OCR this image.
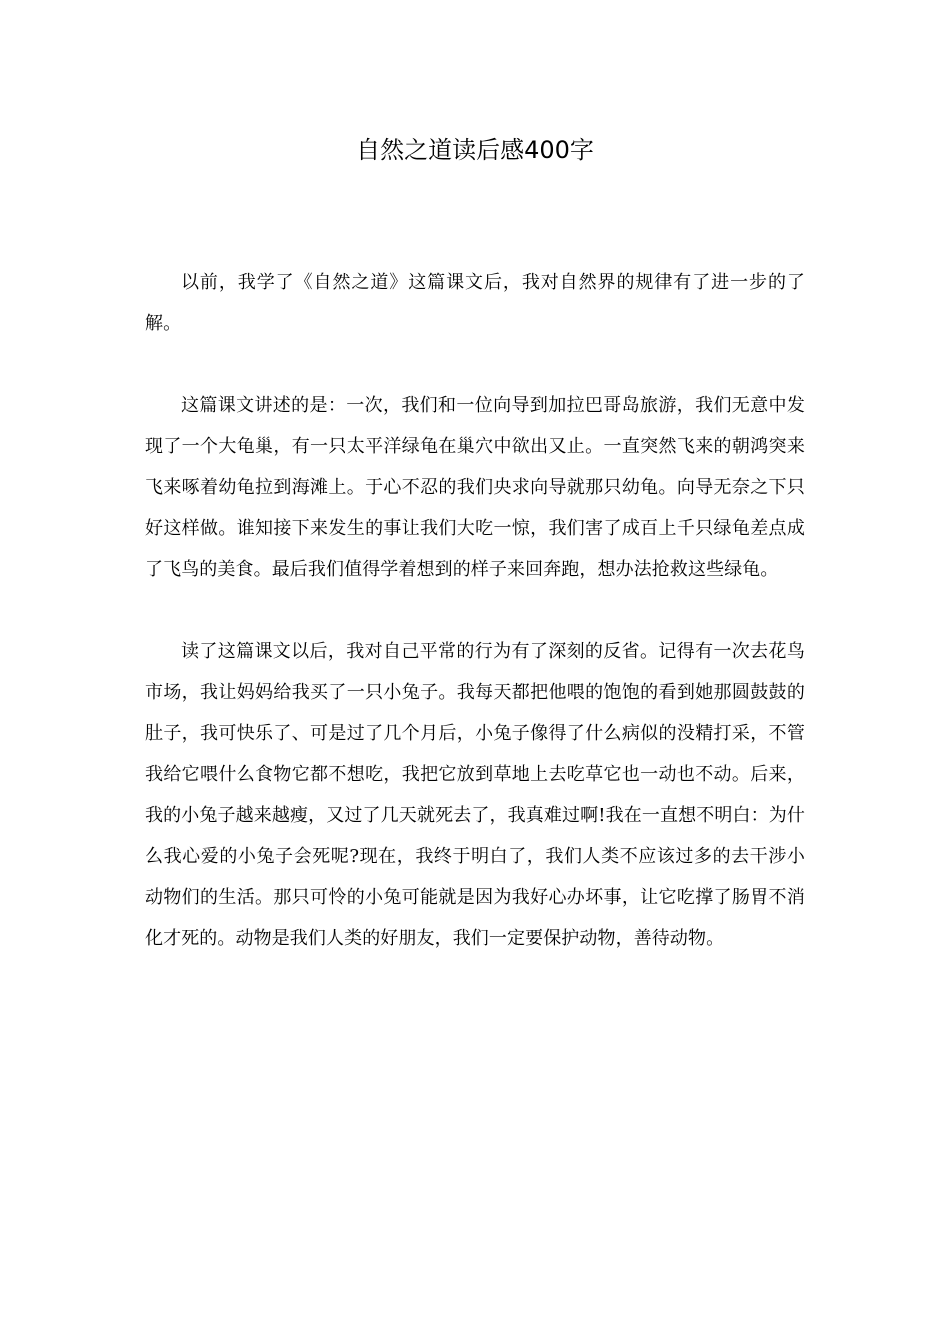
自然之道读后感400字

以前，我学了《自然之道》这篇课文后，我对自然界的规律有了进一步的了解。

这篇课文讲述的是：一次，我们和一位向导到加拉巴哥岛旅游，我们无意中发现了一个大龟巢，有一只太平洋绿龟在巢穴中欲出又止。一直突然飞来的朝鸿突来飞来啄着幼龟拉到海滩上。于心不忍的我们央求向导就那只幼龟。向导无奈之下只好这样做。谁知接下来发生的事让我们大吃一惊，我们害了成百上千只绿龟差点成了飞鸟的美食。最后我们值得学着想到的样子来回奔跑，想办法抢救这些绿龟。

读了这篇课文以后，我对自己平常的行为有了深刻的反省。记得有一次去花鸟市场，我让妈妈给我买了一只小兔子。我每天都把他喂的饱饱的看到她那圆鼓鼓的肚子，我可快乐了、可是过了几个月后，小兔子像得了什么病似的没精打采，不管我给它喂什么食物它都不想吃，我把它放到草地上去吃草它也一动也不动。后来，我的小兔子越来越瘦，又过了几天就死去了，我真难过啊!我在一直想不明白：为什么我心爱的小兔子会死呢?现在，我终于明白了，我们人类不应该过多的去干涉小动物们的生活。那只可怜的小兔可能就是因为我好心办坏事，让它吃撑了肠胃不消化才死的。动物是我们人类的好朋友，我们一定要保护动物，善待动物。
